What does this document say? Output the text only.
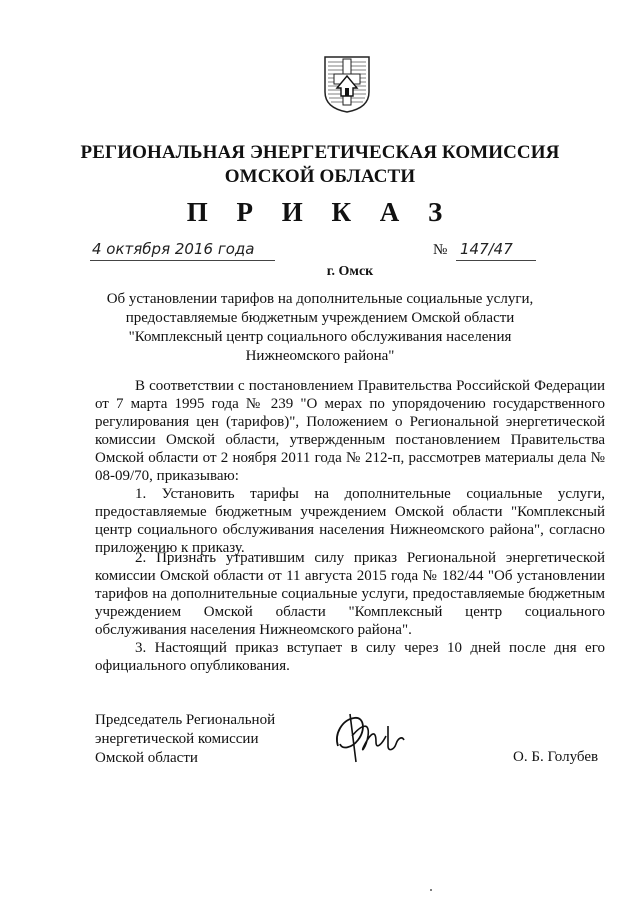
РЕГИОНАЛЬНАЯ ЭНЕРГЕТИЧЕСКАЯ КОМИССИЯ
ОМСКОЙ ОБЛАСТИ
П Р И К А З
4 октября 2016 года	№ 147/47
г. Омск
Об установлении тарифов на дополнительные социальные услуги,
предоставляемые бюджетным учреждением Омской области
"Комплексный центр социального обслуживания населения
Нижнеомского района"

В соответствии с постановлением Правительства Российской Федерации от 7 марта 1995 года № 239 "О мерах по упорядочению государственного регулирования цен (тарифов)", Положением о Региональной энергетической комиссии Омской области, утвержденным постановлением Правительства Омской области от 2 ноября 2011 года № 212-п, рассмотрев материалы дела № 08-09/70, приказываю:

1. Установить тарифы на дополнительные социальные услуги, предоставляемые бюджетным учреждением Омской области "Комплексный центр социального обслуживания населения Нижнеомского района", согласно приложению к приказу.

2. Признать утратившим силу приказ Региональной энергетической комиссии Омской области от 11 августа 2015 года № 182/44 "Об установлении тарифов на дополнительные социальные услуги, предоставляемые бюджетным учреждением Омской области "Комплексный центр социального обслуживания населения Нижнеомского района".

3. Настоящий приказ вступает в силу через 10 дней после дня его официального опубликования.

Председатель Региональной
энергетической комиссии
Омской области	О. Б. Голубев
